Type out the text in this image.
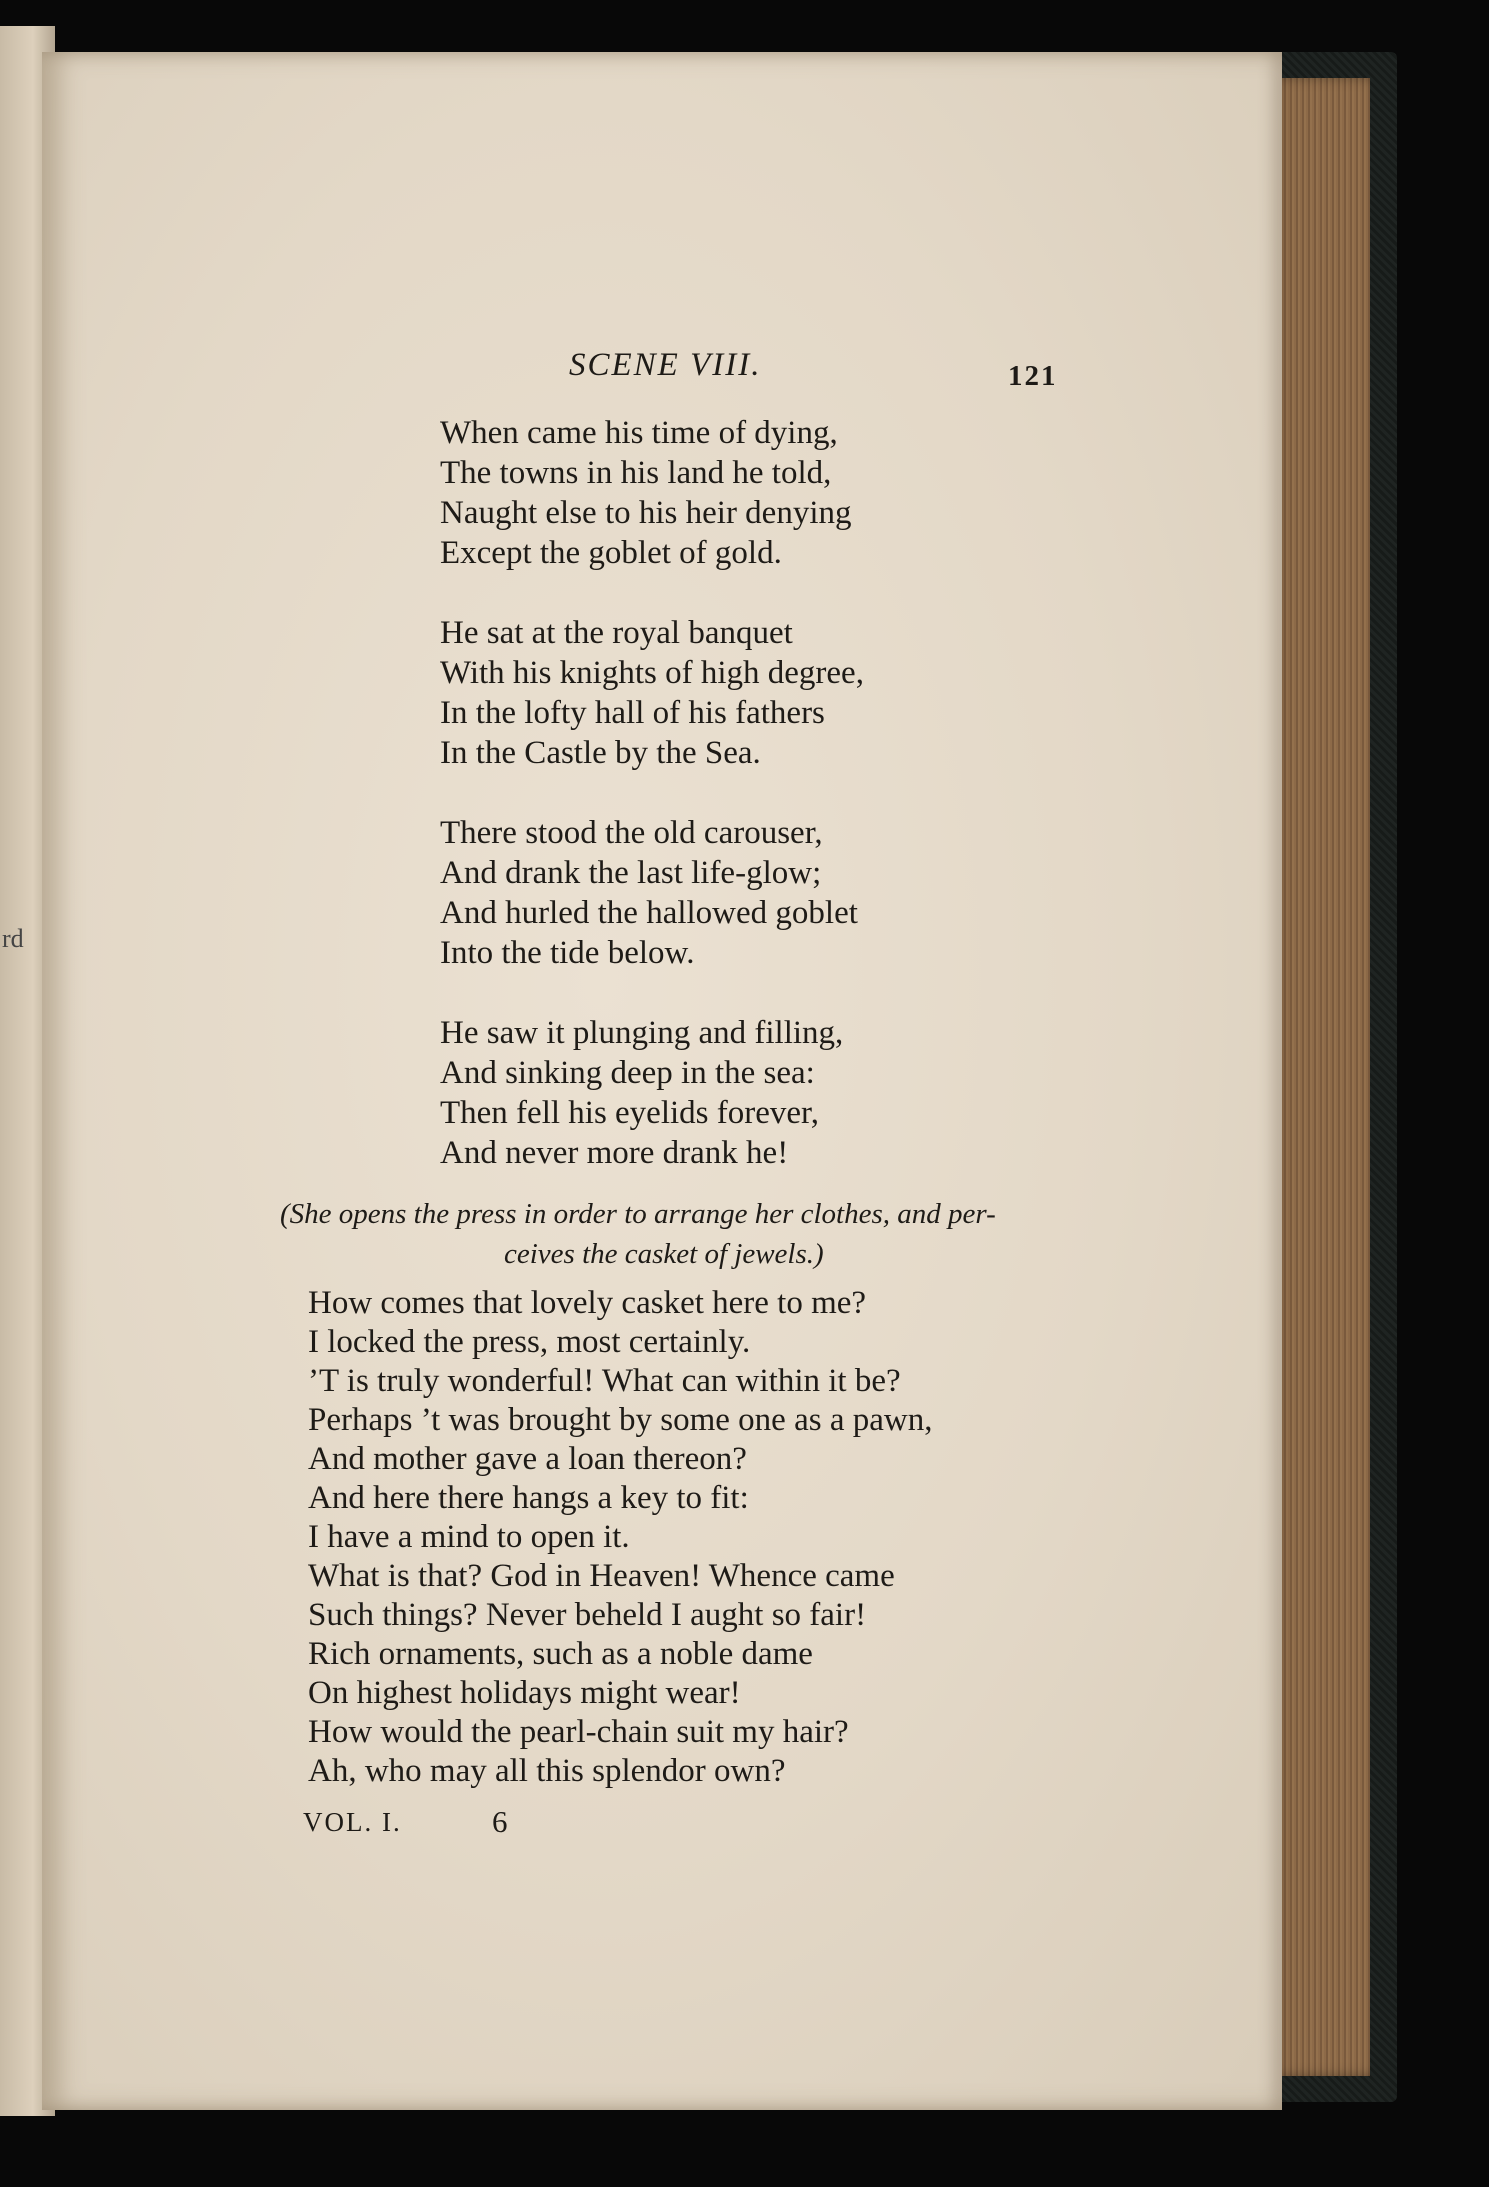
rd
SCENE VIII.	121
When came his time of dying,
The towns in his land he told,
Naught else to his heir denying
Except the goblet of gold.
He sat at the royal banquet
With his knights of high degree,
In the lofty hall of his fathers
In the Castle by the Sea.
There stood the old carouser,
And drank the last life-glow;
And hurled the hallowed goblet
Into the tide below.
He saw it plunging and filling,
And sinking deep in the sea:
Then fell his eyelids forever,
And never more drank he!
(She opens the press in order to arrange her clothes, and per-
ceives the casket of jewels.)
How comes that lovely casket here to me?
I locked the press, most certainly.
’T is truly wonderful! What can within it be?
Perhaps ’t was brought by some one as a pawn,
And mother gave a loan thereon?
And here there hangs a key to fit:
I have a mind to open it.
What is that? God in Heaven! Whence came
Such things? Never beheld I aught so fair!
Rich ornaments, such as a noble dame
On highest holidays might wear!
How would the pearl-chain suit my hair?
Ah, who may all this splendor own?
VOL. I.	6
